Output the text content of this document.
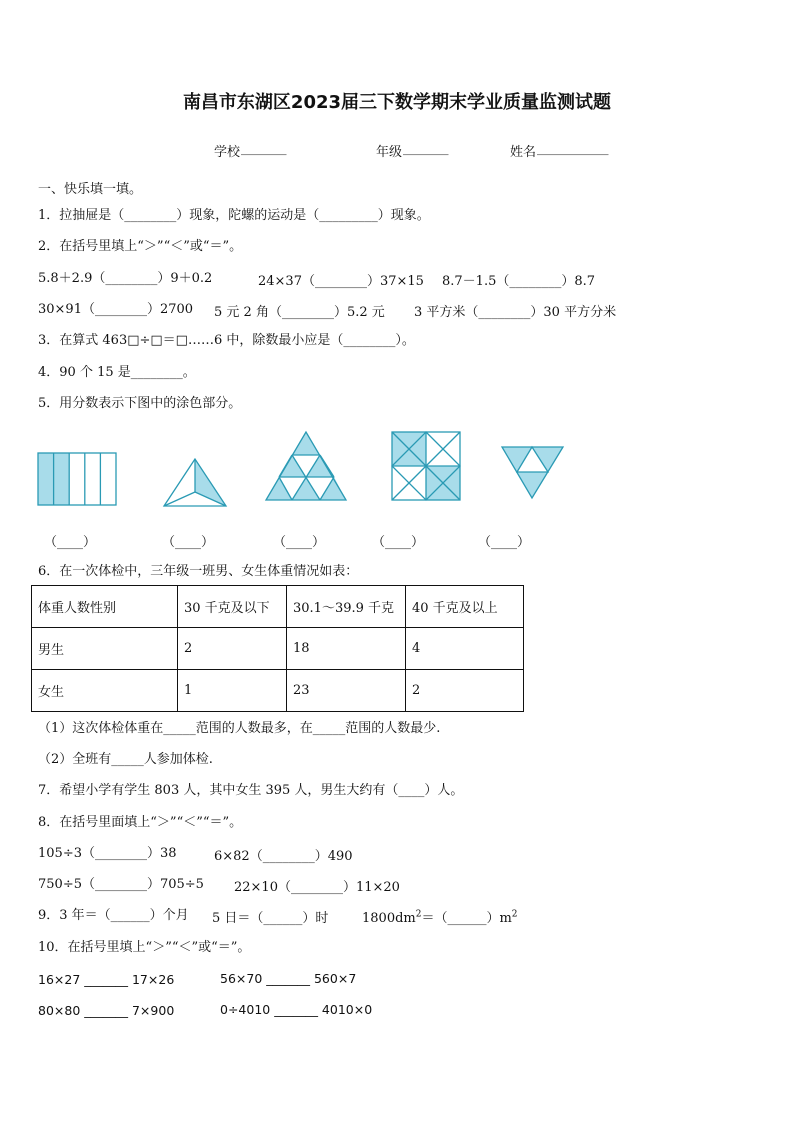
南昌市东湖区2023届三下数学期末学业质量监测试题
学校 _______	年级 _______	姓名 ___________
一、快乐填一填。
1．拉抽屉是（________）现象，陀螺的运动是（_________）现象。
2．在括号里填上“＞”“＜”或“＝”。
5.8＋2.9（________）9＋0.2	24×37（________）37×15 8.7－1.5（________）8.7
30×91（________）2700 5 元 2 角（________）5.2 元 3 平方米（________）30 平方分米
3．在算式 463□÷□＝□……6 中，除数最小应是（________）。
4．90 个 15 是________。
5．用分数表示下图中的涂色部分。
（____）	（____）	（____）	（____）	（____）
6．在一次体检中，三年级一班男、女生体重情况如表：
体重人数性别	30 千克及以下	30.1～39.9 千克	40 千克及以上
男生	2	18	4
女生	1	23	2
（1）这次体检体重在_____范围的人数最多，在_____范围的人数最少.
（2）全班有_____人参加体检.
7．希望小学有学生 803 人，其中女生 395 人，男生大约有（____）人。
8．在括号里面填上“＞”“＜”“＝”。
105÷3（________）38	6×82（________）490
750÷5（________）705÷5 22×10（________）11×20
9．3 年＝（______）个月 5 日＝（______）时	$1800dm^2=(\_\_\_\_\_\_)m^2$
10．在括号里填上“＞”“＜”或“＝”。
16×27 _______ 17×26	56×70 _______ 560×7
80×80 _______ 7×900	0÷4010 _______ 4010×0
